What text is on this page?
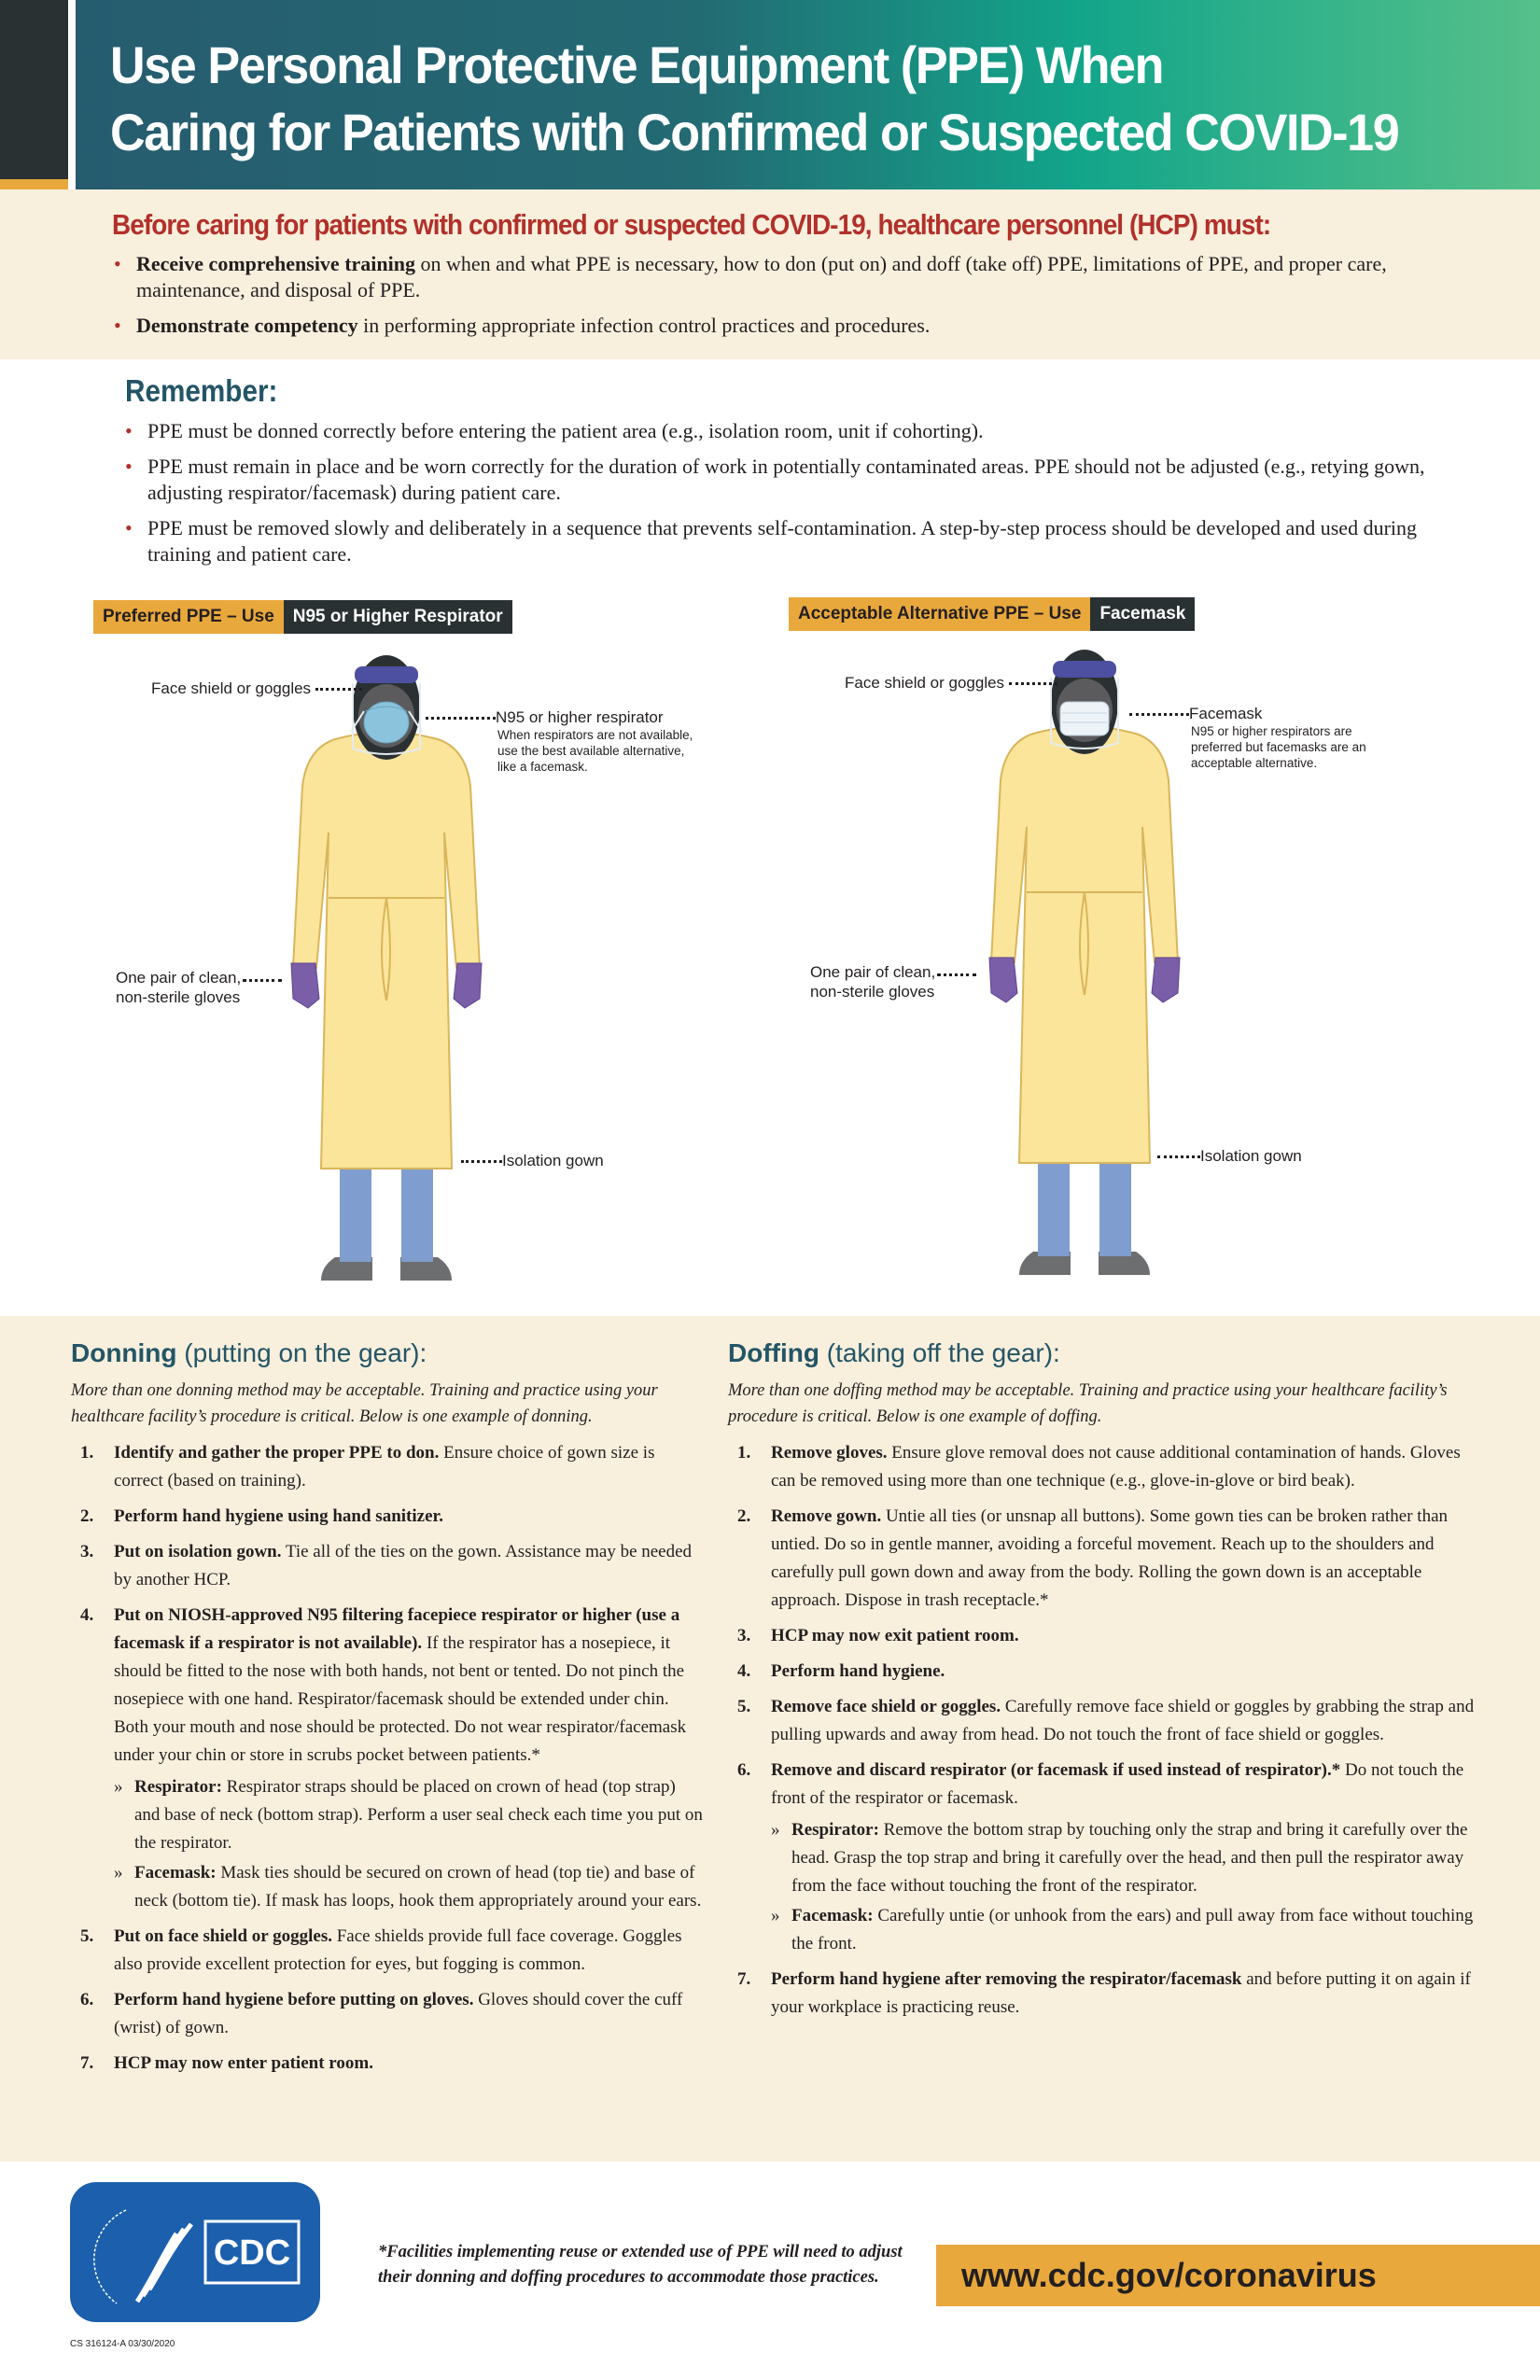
Use Personal Protective Equipment (PPE) When
Caring for Patients with Confirmed or Suspected COVID-19
Before caring for patients with confirmed or suspected COVID-19, healthcare personnel (HCP) must:
• Receive comprehensive training on when and what PPE is necessary, how to don (put on) and doff (take off) PPE, limitations of PPE, and proper care, maintenance, and disposal of PPE.
• Demonstrate competency in performing appropriate infection control practices and procedures.
Remember:
• PPE must be donned correctly before entering the patient area (e.g., isolation room, unit if cohorting).
• PPE must remain in place and be worn correctly for the duration of work in potentially contaminated areas. PPE should not be adjusted (e.g., retying gown, adjusting respirator/facemask) during patient care.
• PPE must be removed slowly and deliberately in a sequence that prevents self-contamination. A step-by-step process should be developed and used during training and patient care.
Preferred PPE – Use	N95 or Higher Respirator	Acceptable Alternative PPE – Use	Facemask
Face shield or goggles
N95 or higher respirator
When respirators are not available, use the best available alternative, like a facemask.
One pair of clean, non-sterile gloves
Isolation gown
Face shield or goggles
Facemask
N95 or higher respirators are preferred but facemasks are an acceptable alternative.
One pair of clean, non-sterile gloves
Isolation gown
Donning (putting on the gear):

More than one donning method may be acceptable. Training and practice using your healthcare facility’s procedure is critical. Below is one example of donning.

1. Identify and gather the proper PPE to don. Ensure choice of gown size is correct (based on training).
2. Perform hand hygiene using hand sanitizer.
3. Put on isolation gown. Tie all of the ties on the gown. Assistance may be needed by another HCP.
4. Put on NIOSH-approved N95 filtering facepiece respirator or higher (use a facemask if a respirator is not available). If the respirator has a nosepiece, it should be fitted to the nose with both hands, not bent or tented. Do not pinch the nosepiece with one hand. Respirator/facemask should be extended under chin. Both your mouth and nose should be protected. Do not wear respirator/facemask under your chin or store in scrubs pocket between patients.*
» Respirator: Respirator straps should be placed on crown of head (top strap) and base of neck (bottom strap). Perform a user seal check each time you put on the respirator.
» Facemask: Mask ties should be secured on crown of head (top tie) and base of neck (bottom tie). If mask has loops, hook them appropriately around your ears.
5. Put on face shield or goggles. Face shields provide full face coverage. Goggles also provide excellent protection for eyes, but fogging is common.
6. Perform hand hygiene before putting on gloves. Gloves should cover the cuff (wrist) of gown.
7. HCP may now enter patient room.
Doffing (taking off the gear):

More than one doffing method may be acceptable. Training and practice using your healthcare facility’s procedure is critical. Below is one example of doffing.

1. Remove gloves. Ensure glove removal does not cause additional contamination of hands. Gloves can be removed using more than one technique (e.g., glove-in-glove or bird beak).
2. Remove gown. Untie all ties (or unsnap all buttons). Some gown ties can be broken rather than untied. Do so in gentle manner, avoiding a forceful movement. Reach up to the shoulders and carefully pull gown down and away from the body. Rolling the gown down is an acceptable approach. Dispose in trash receptacle.*
3. HCP may now exit patient room.
4. Perform hand hygiene.
5. Remove face shield or goggles. Carefully remove face shield or goggles by grabbing the strap and pulling upwards and away from head. Do not touch the front of face shield or goggles.
6. Remove and discard respirator (or facemask if used instead of respirator).* Do not touch the front of the respirator or facemask.
» Respirator: Remove the bottom strap by touching only the strap and bring it carefully over the head. Grasp the top strap and bring it carefully over the head, and then pull the respirator away from the face without touching the front of the respirator.
» Facemask: Carefully untie (or unhook from the ears) and pull away from face without touching the front.
7. Perform hand hygiene after removing the respirator/facemask and before putting it on again if your workplace is practicing reuse.
CDC	*Facilities implementing reuse or extended use of PPE will need to adjust their donning and doffing procedures to accommodate those practices.	www.cdc.gov/coronavirus
CS 316124-A 03/30/2020
